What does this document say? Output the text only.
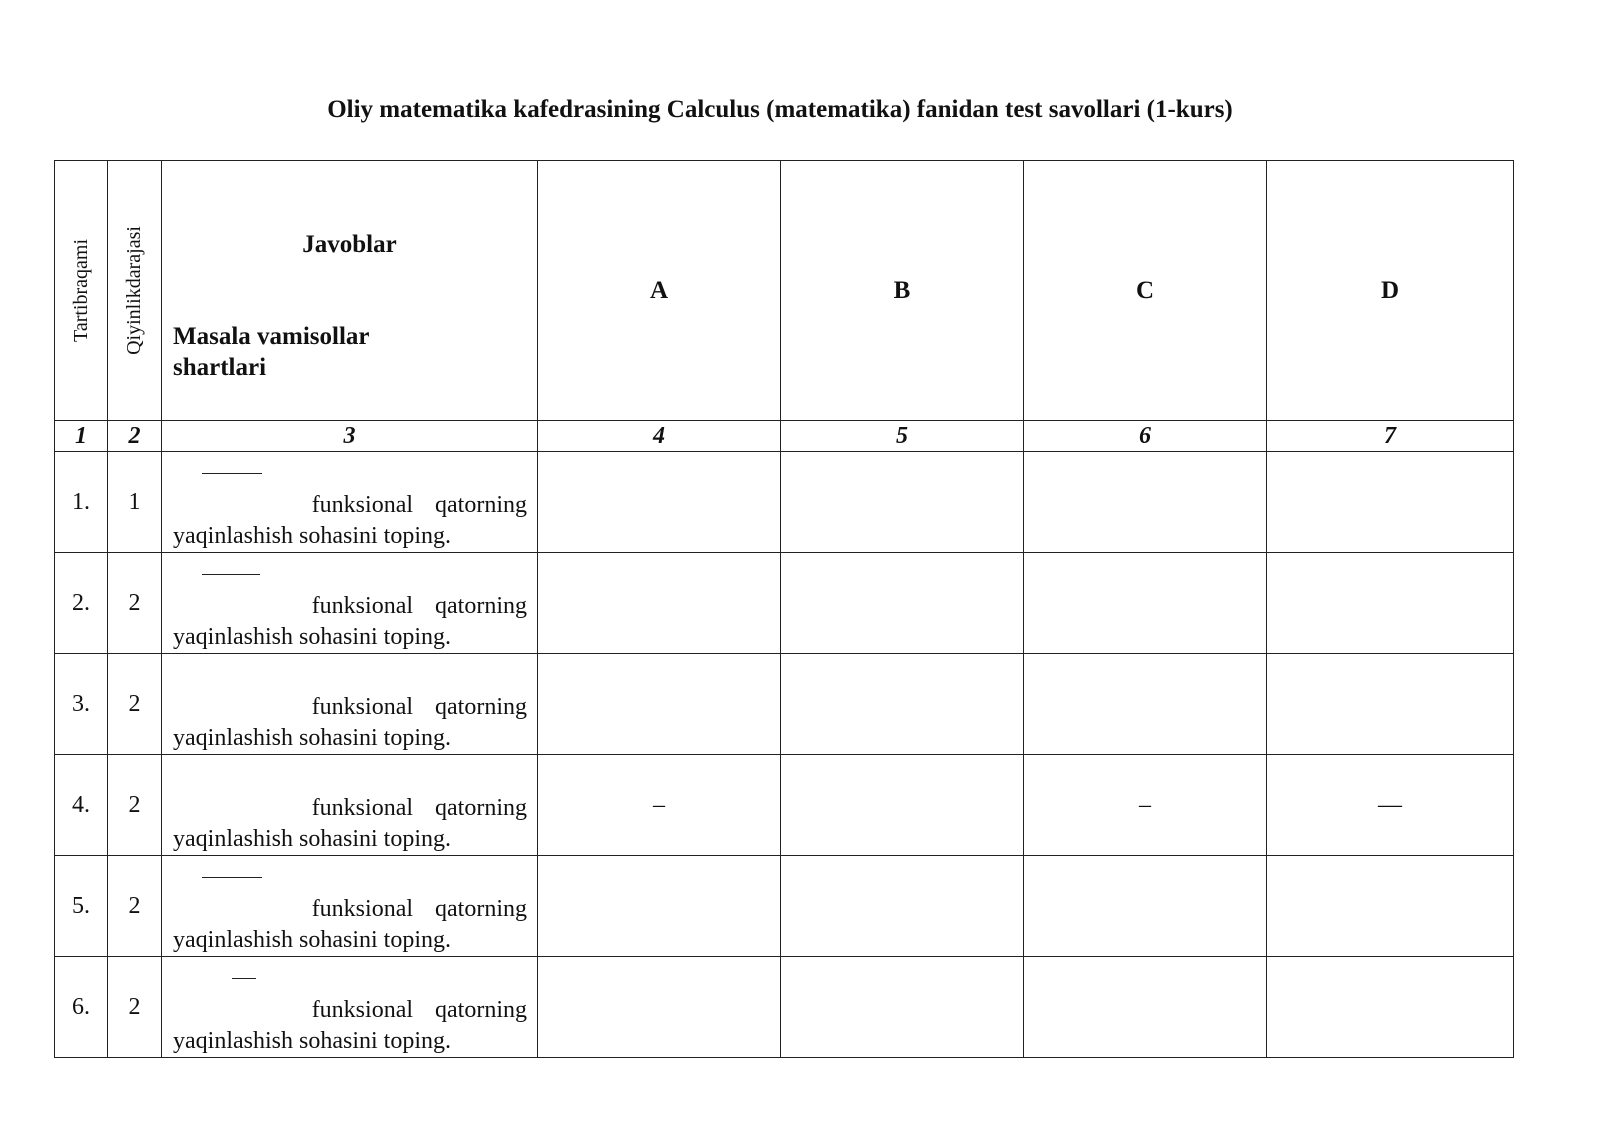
Oliy matematika kafedrasining Calculus (matematika) fanidan test savollari (1-kurs)
Tartibraqami	Qiyinlikdarajasi	Javoblar
Masala vamisollar
shartlari	A	B	C	D
1	2	3	4	5	6	7
1.	1	funksional qatorning
yaqinlashish sohasini toping.				

2.	2	funksional qatorning
yaqinlashish sohasini toping.				

3.	2	funksional qatorning
yaqinlashish sohasini toping.				

4.	2	funksional qatorning
yaqinlashish sohasini toping.	–		–	—
5.	2	funksional qatorning
yaqinlashish sohasini toping.				

6.	2	funksional qatorning
yaqinlashish sohasini toping.				
